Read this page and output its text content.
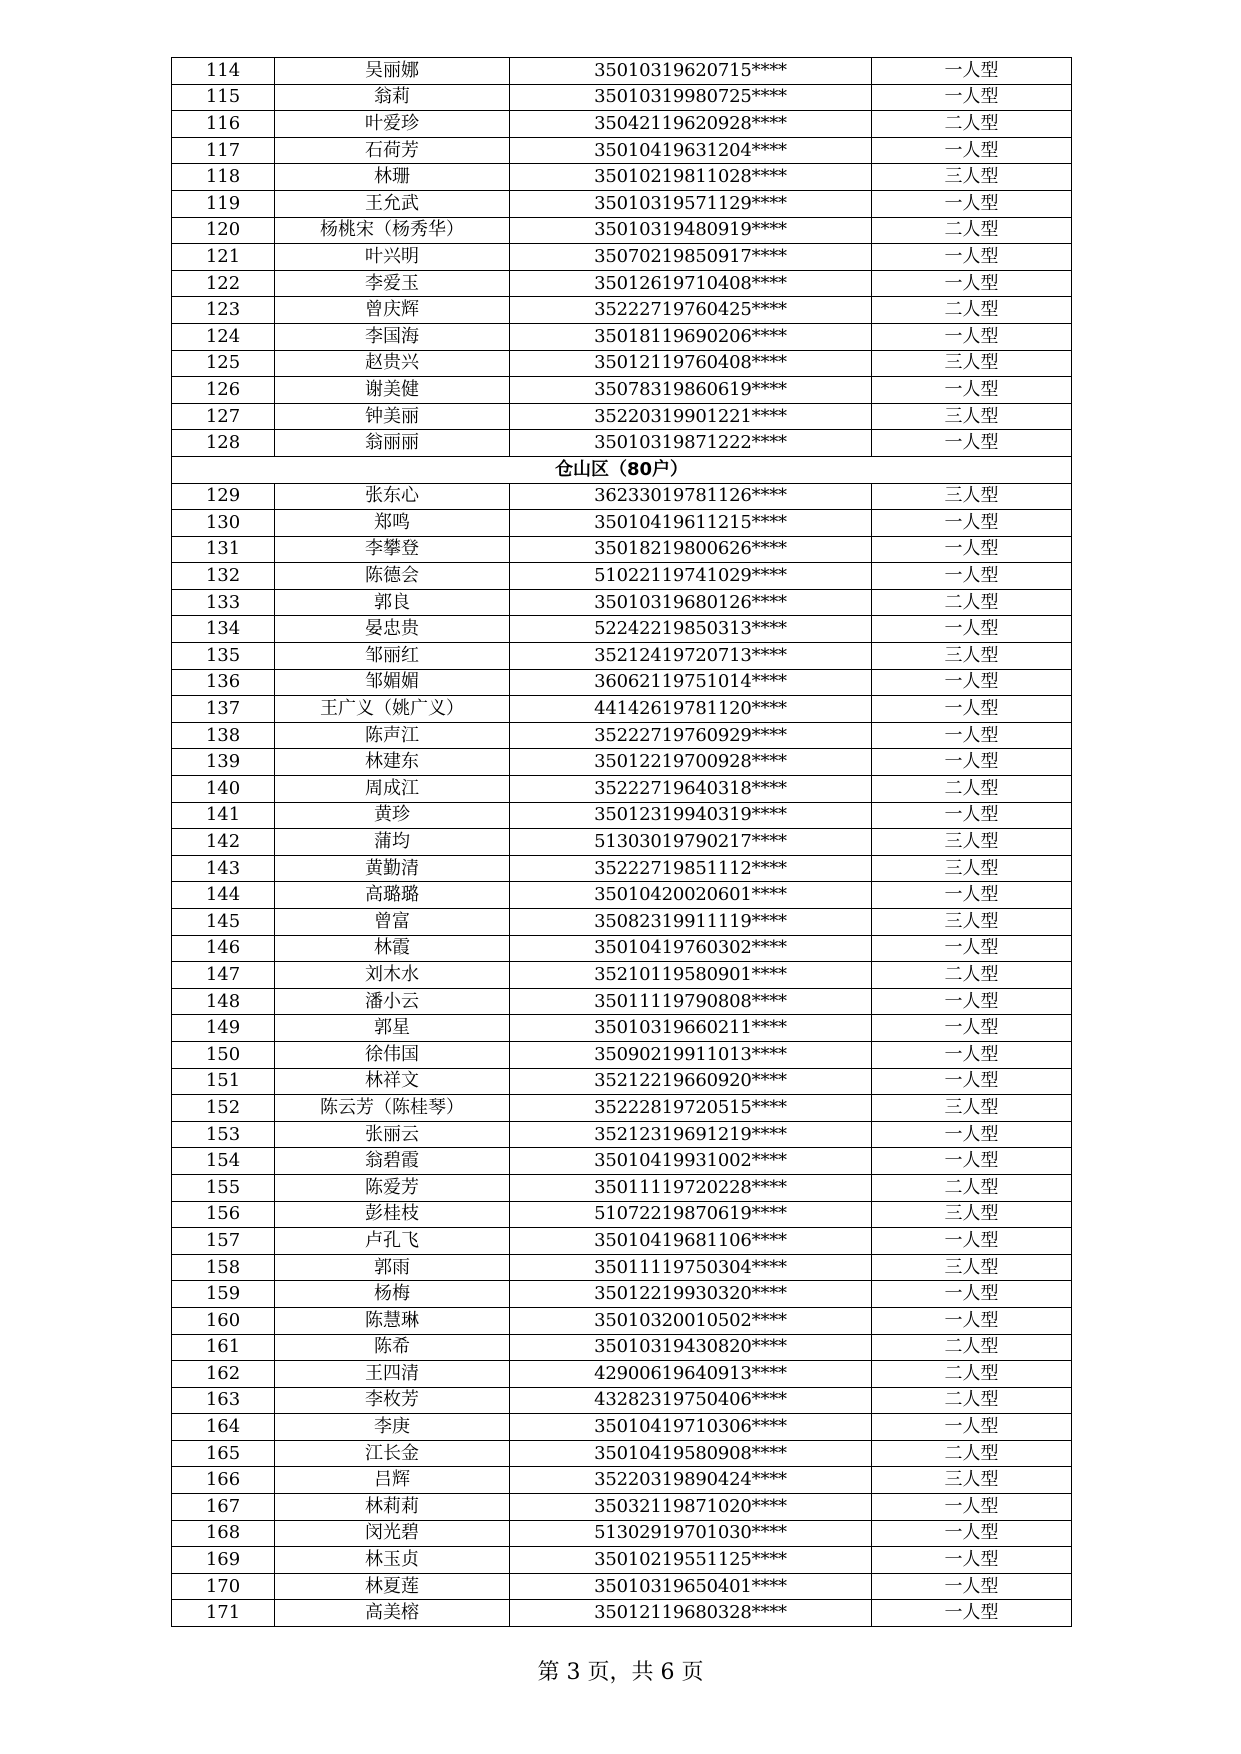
114	吴丽娜	35010319620715****	一人型
115	翁莉	35010319980725****	一人型
116	叶爱珍	35042119620928****	二人型
117	石荷芳	35010419631204****	一人型
118	林珊	35010219811028****	三人型
119	王允武	35010319571129****	一人型
120	杨桃宋（杨秀华）	35010319480919****	二人型
121	叶兴明	35070219850917****	一人型
122	李爱玉	35012619710408****	一人型
123	曾庆辉	35222719760425****	二人型
124	李国海	35018119690206****	一人型
125	赵贵兴	35012119760408****	三人型
126	谢美健	35078319860619****	一人型
127	钟美丽	35220319901221****	三人型
128	翁丽丽	35010319871222****	一人型
仓山区（80户）			
129	张东心	36233019781126****	三人型
130	郑鸣	35010419611215****	一人型
131	李攀登	35018219800626****	一人型
132	陈德会	51022119741029****	一人型
133	郭良	35010319680126****	二人型
134	晏忠贵	52242219850313****	一人型
135	邹丽红	35212419720713****	三人型
136	邹媚媚	36062119751014****	一人型
137	王广义（姚广义）	44142619781120****	一人型
138	陈声江	35222719760929****	一人型
139	林建东	35012219700928****	一人型
140	周成江	35222719640318****	二人型
141	黄珍	35012319940319****	一人型
142	蒲均	51303019790217****	三人型
143	黄勤清	35222719851112****	三人型
144	高璐璐	35010420020601****	一人型
145	曾富	35082319911119****	三人型
146	林霞	35010419760302****	一人型
147	刘木水	35210119580901****	二人型
148	潘小云	35011119790808****	一人型
149	郭星	35010319660211****	一人型
150	徐伟国	35090219911013****	一人型
151	林祥文	35212219660920****	一人型
152	陈云芳（陈桂琴）	35222819720515****	三人型
153	张丽云	35212319691219****	一人型
154	翁碧霞	35010419931002****	一人型
155	陈爱芳	35011119720228****	二人型
156	彭桂枝	51072219870619****	三人型
157	卢孔飞	35010419681106****	一人型
158	郭雨	35011119750304****	三人型
159	杨梅	35012219930320****	一人型
160	陈慧琳	35010320010502****	一人型
161	陈希	35010319430820****	二人型
162	王四清	42900619640913****	二人型
163	李枚芳	43282319750406****	二人型
164	李庚	35010419710306****	一人型
165	江长金	35010419580908****	二人型
166	吕辉	35220319890424****	三人型
167	林莉莉	35032119871020****	一人型
168	闵光碧	51302919701030****	一人型
169	林玉贞	35010219551125****	一人型
170	林夏莲	35010319650401****	一人型
171	高美榕	35012119680328****	一人型
第 3 页，共 6 页
